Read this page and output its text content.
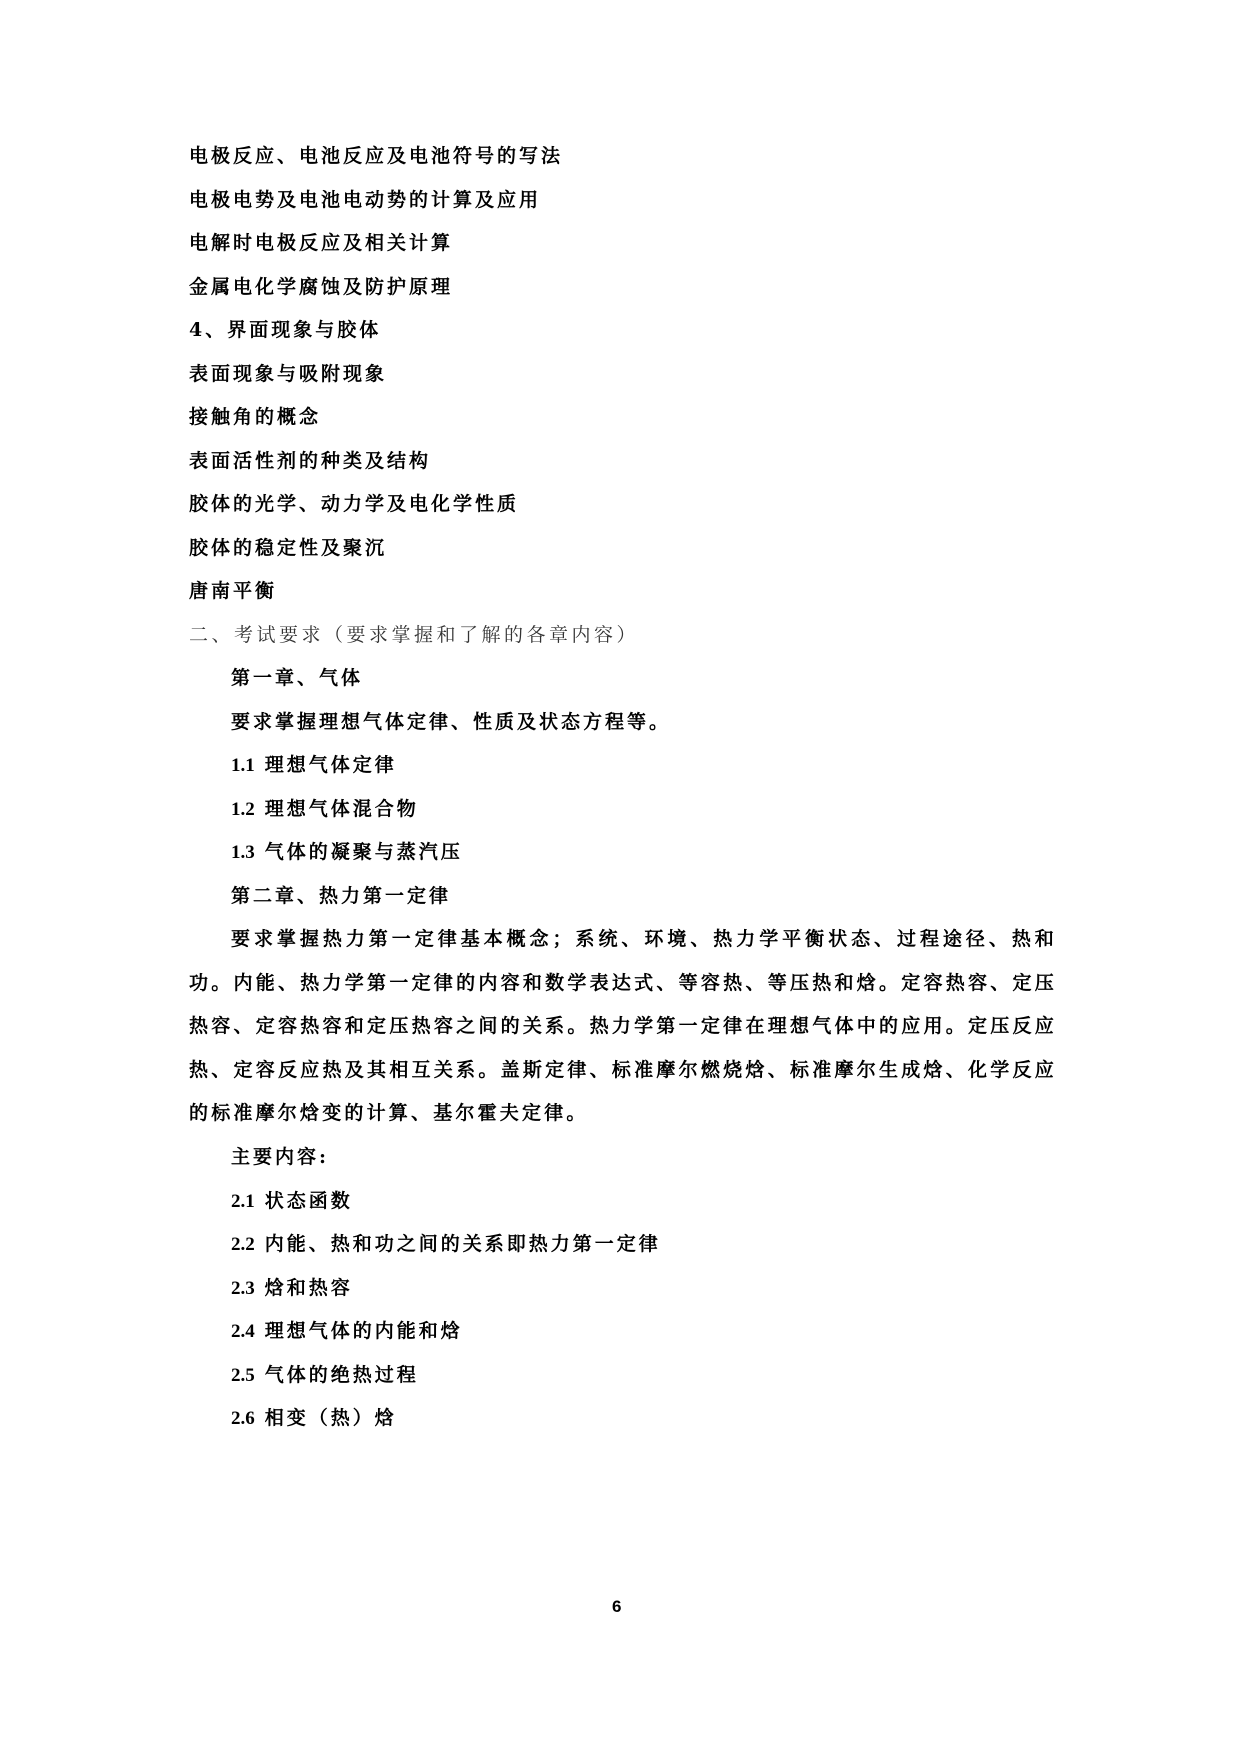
电极反应、电池反应及电池符号的写法
电极电势及电池电动势的计算及应用
电解时电极反应及相关计算
金属电化学腐蚀及防护原理
4、界面现象与胶体
表面现象与吸附现象
接触角的概念
表面活性剂的种类及结构
胶体的光学、动力学及电化学性质
胶体的稳定性及聚沉
唐南平衡
二、考试要求（要求掌握和了解的各章内容）
第一章、气体
要求掌握理想气体定律、性质及状态方程等。
1.1 理想气体定律
1.2 理想气体混合物
1.3 气体的凝聚与蒸汽压
第二章、热力第一定律
要求掌握热力第一定律基本概念；系统、环境、热力学平衡状态、过程途径、热和功。内能、热力学第一定律的内容和数学表达式、等容热、等压热和焓。定容热容、定压热容、定容热容和定压热容之间的关系。热力学第一定律在理想气体中的应用。定压反应热、定容反应热及其相互关系。盖斯定律、标准摩尔燃烧焓、标准摩尔生成焓、化学反应的标准摩尔焓变的计算、基尔霍夫定律。
主要内容:
2.1 状态函数
2.2 内能、热和功之间的关系即热力第一定律
2.3 焓和热容
2.4 理想气体的内能和焓
2.5 气体的绝热过程
2.6 相变（热）焓
6
